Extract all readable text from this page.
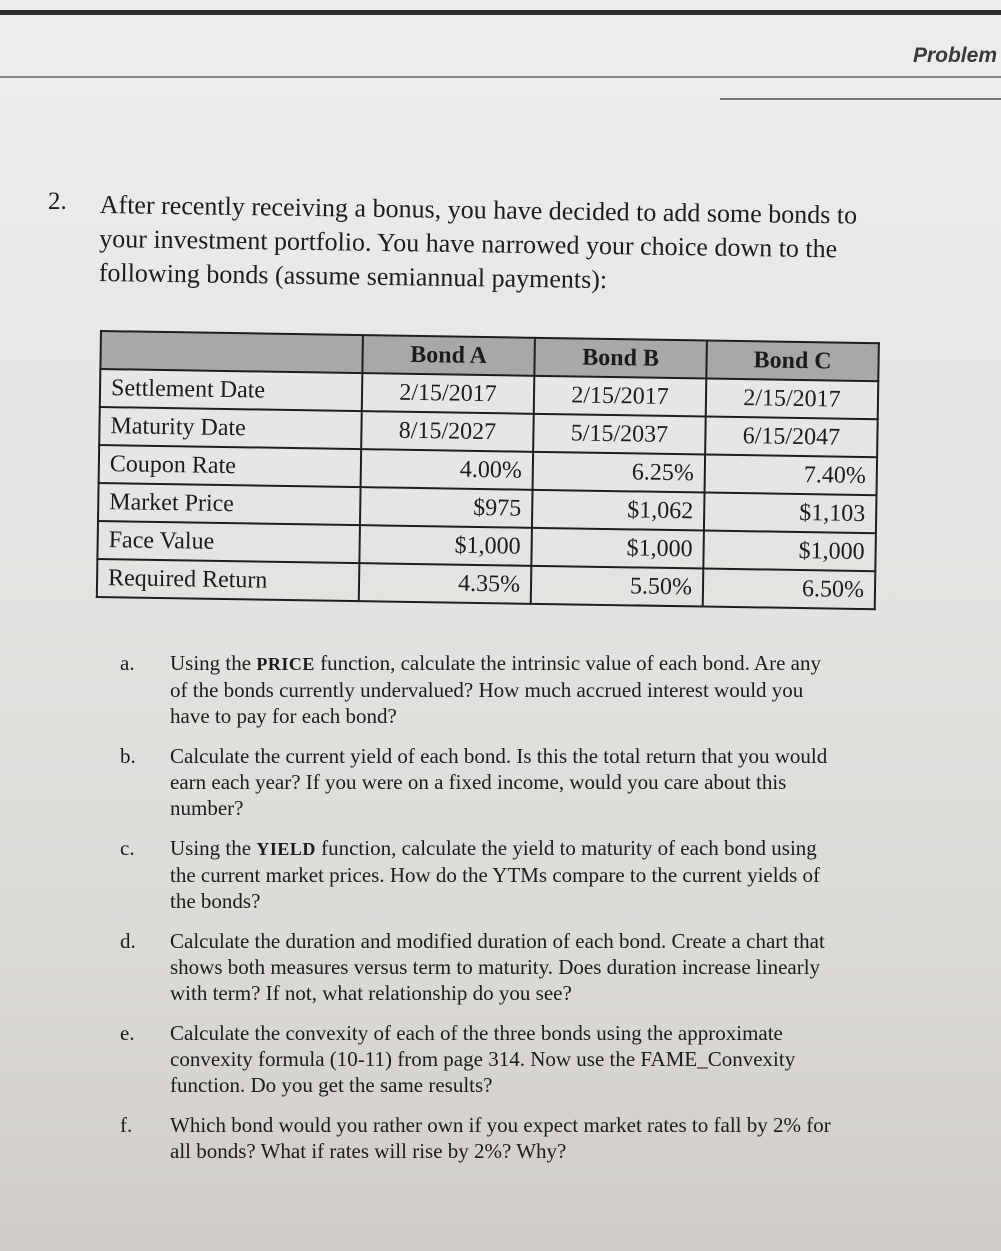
Problem
2. After recently receiving a bonus, you have decided to add some bonds to your investment portfolio. You have narrowed your choice down to the following bonds (assume semiannual payments):
	Bond A	Bond B	Bond C
Settlement Date	2/15/2017	2/15/2017	2/15/2017
Maturity Date	8/15/2027	5/15/2037	6/15/2047
Coupon Rate	4.00%	6.25%	7.40%
Market Price	$975	$1,062	$1,103
Face Value	$1,000	$1,000	$1,000
Required Return	4.35%	5.50%	6.50%
a. Using the PRICE function, calculate the intrinsic value of each bond. Are any of the bonds currently undervalued? How much accrued interest would you have to pay for each bond?
b. Calculate the current yield of each bond. Is this the total return that you would earn each year? If you were on a fixed income, would you care about this number?
c. Using the YIELD function, calculate the yield to maturity of each bond using the current market prices. How do the YTMs compare to the current yields of the bonds?
d. Calculate the duration and modified duration of each bond. Create a chart that shows both measures versus term to maturity. Does duration increase linearly with term? If not, what relationship do you see?
e. Calculate the convexity of each of the three bonds using the approximate convexity formula (10-11) from page 314. Now use the FAME_Convexity function. Do you get the same results?
f. Which bond would you rather own if you expect market rates to fall by 2% for all bonds? What if rates will rise by 2%? Why?
